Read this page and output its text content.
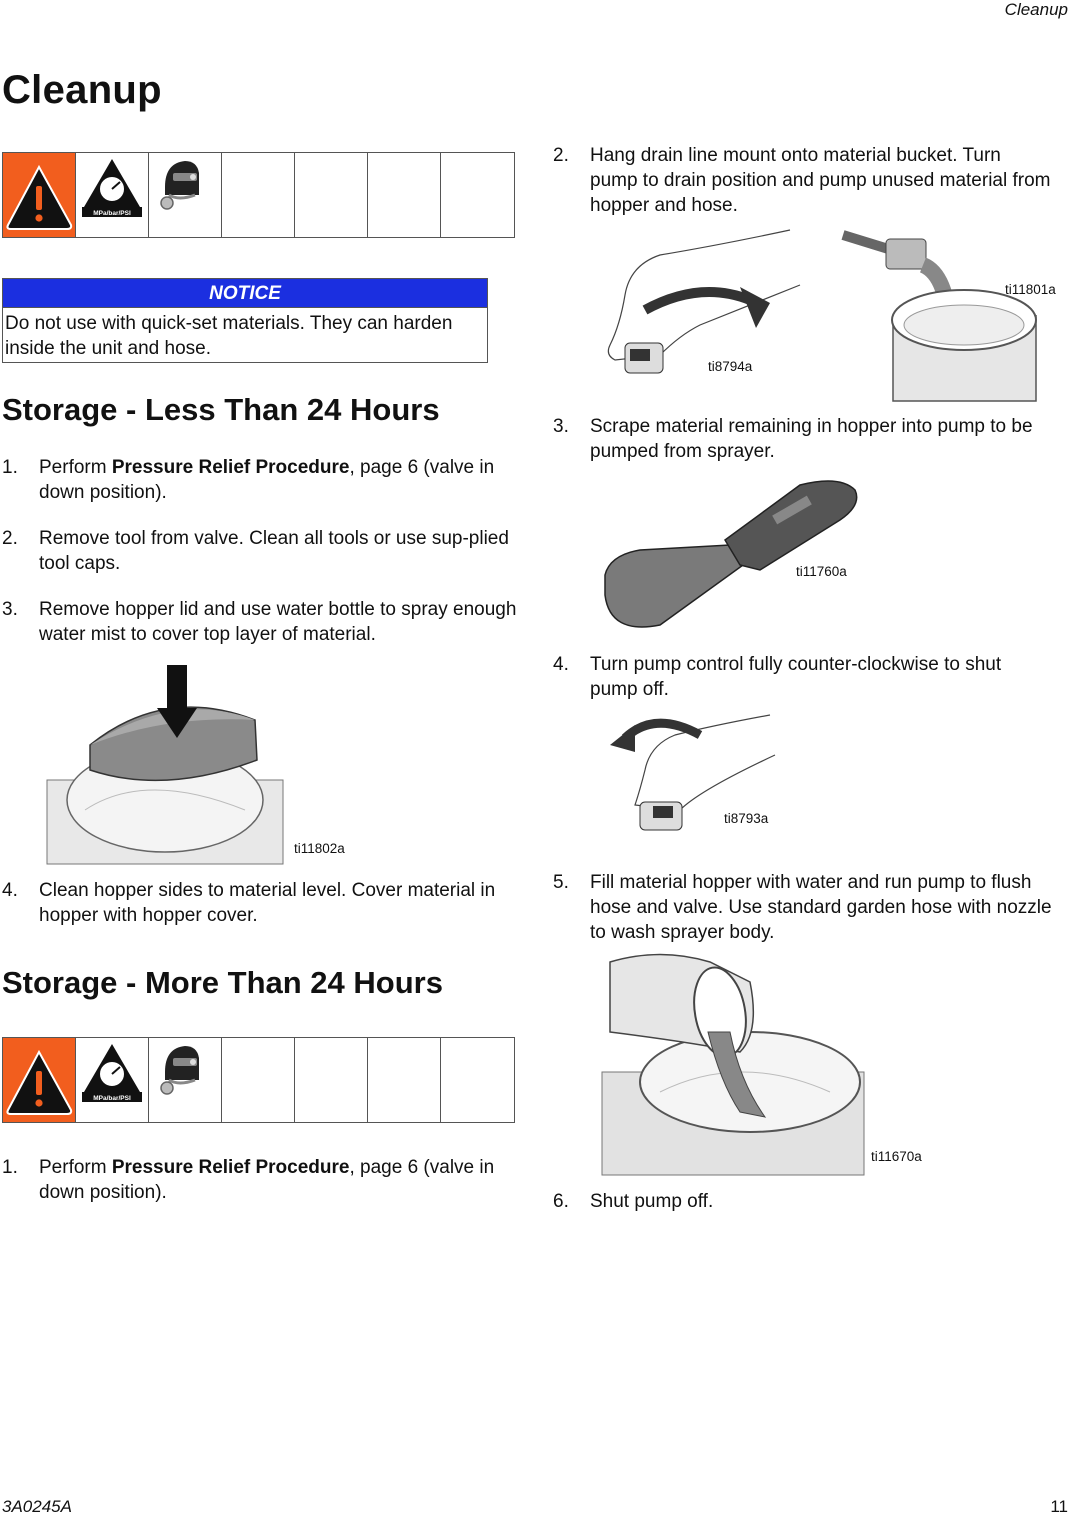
Cleanup
Cleanup
MPa/bar/PSI
NOTICE
Do not use with quick-set materials. They can harden inside the unit and hose.
Storage - Less Than 24 Hours
1.	Perform Pressure Relief Procedure, page 6 (valve in down position).
2.	Remove tool from valve. Clean all tools or use sup-plied tool caps.
3.	Remove hopper lid and use water bottle to spray enough water mist to cover top layer of material.
ti11802a
4.	Clean hopper sides to material level. Cover material in hopper with hopper cover.
Storage - More Than 24 Hours
MPa/bar/PSI
1.	Perform Pressure Relief Procedure, page 6 (valve in down position).
2.	Hang drain line mount onto material bucket. Turn pump to drain position and pump unused material from hopper and hose.
ti8794a
ti11801a
3.	Scrape material remaining in hopper into pump to be pumped from sprayer.
ti11760a
4.	Turn pump control fully counter-clockwise to shut pump off.
ti8793a
5.	Fill material hopper with water and run pump to flush hose and valve. Use standard garden hose with nozzle to wash sprayer body.
ti11670a
6.	Shut pump off.
3A0245A	11
